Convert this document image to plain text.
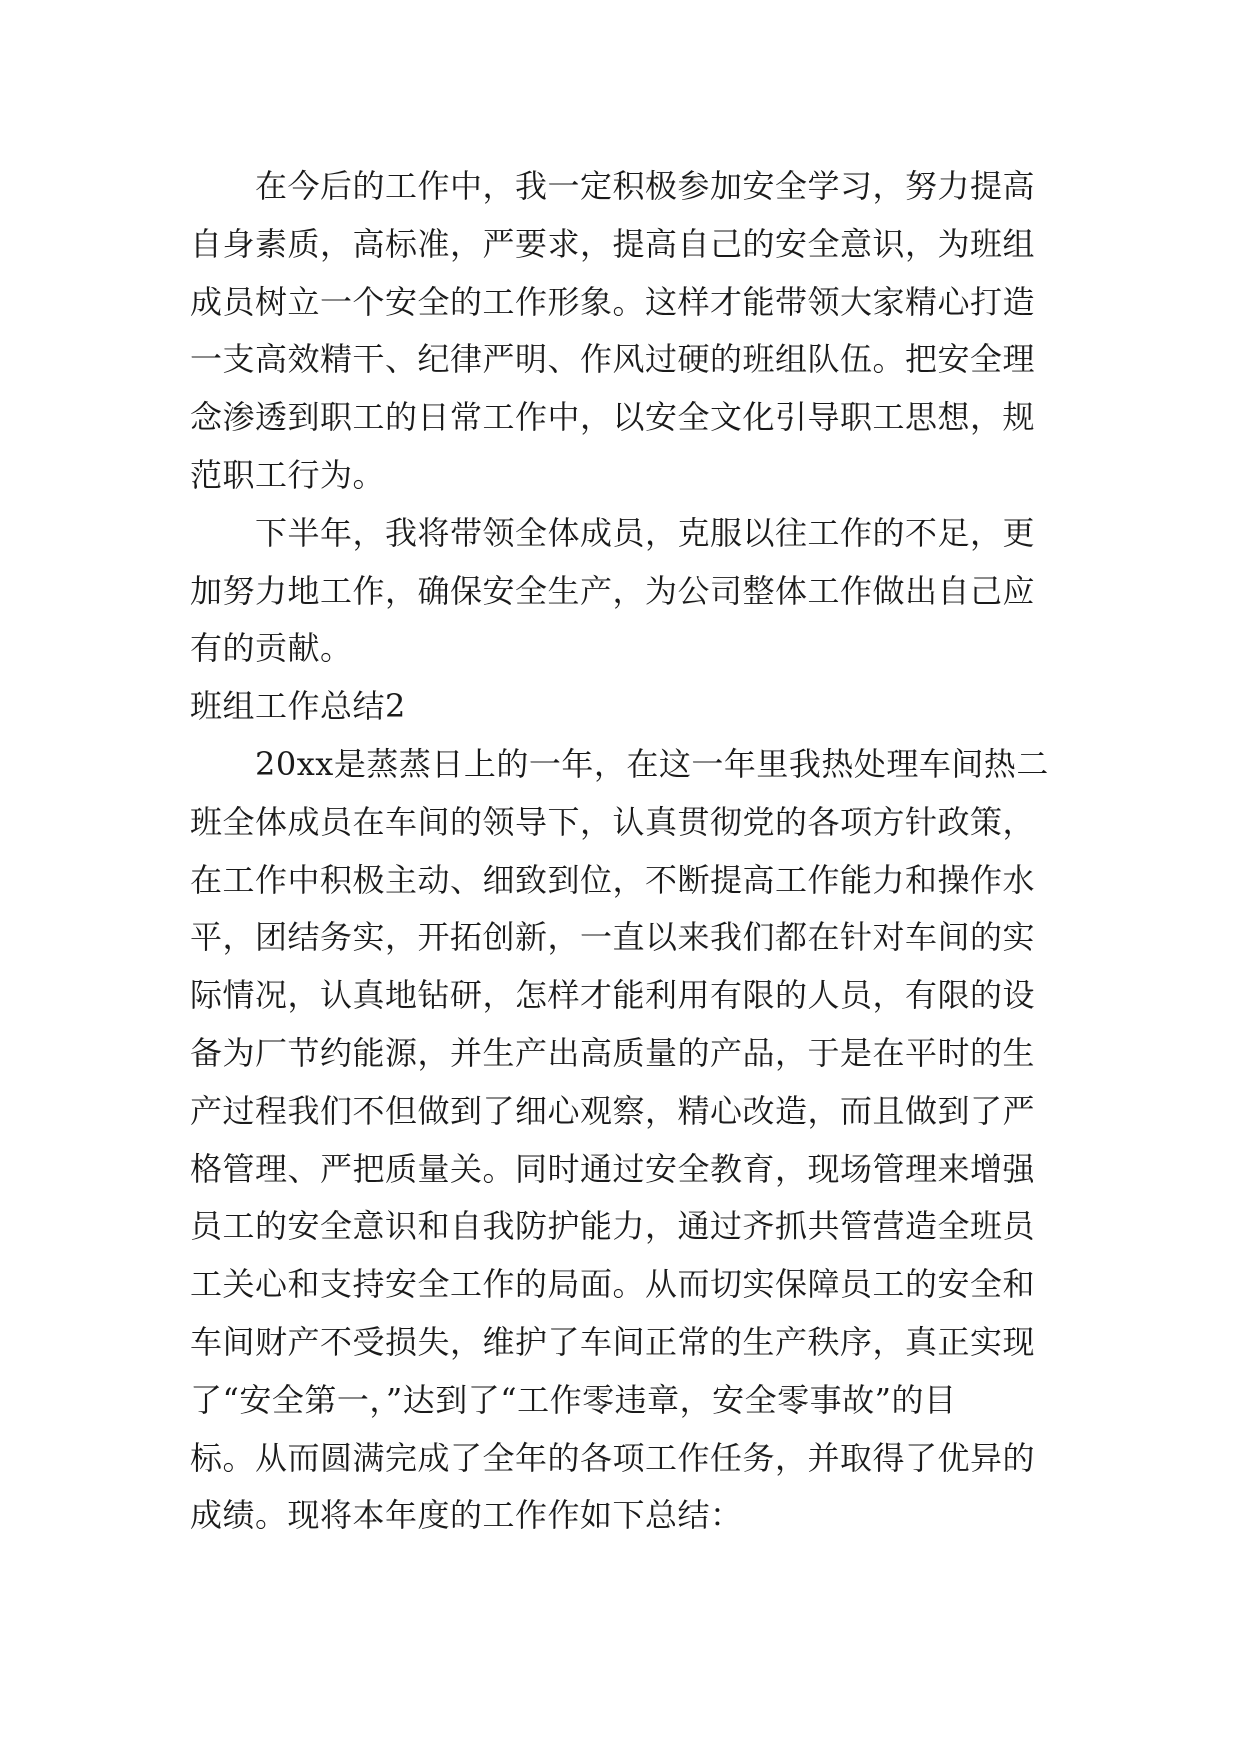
在今后的工作中，我一定积极参加安全学习，努力提高
自身素质，高标准，严要求，提高自己的安全意识，为班组
成员树立一个安全的工作形象。这样才能带领大家精心打造
一支高效精干、纪律严明、作风过硬的班组队伍。把安全理
念渗透到职工的日常工作中，以安全文化引导职工思想，规
范职工行为。
下半年，我将带领全体成员，克服以往工作的不足，更
加努力地工作，确保安全生产，为公司整体工作做出自己应
有的贡献。
班组工作总结2
20xx是蒸蒸日上的一年，在这一年里我热处理车间热二
班全体成员在车间的领导下，认真贯彻党的各项方针政策，
在工作中积极主动、细致到位，不断提高工作能力和操作水
平，团结务实，开拓创新，一直以来我们都在针对车间的实
际情况，认真地钻研，怎样才能利用有限的人员，有限的设
备为厂节约能源，并生产出高质量的产品，于是在平时的生
产过程我们不但做到了细心观察，精心改造，而且做到了严
格管理、严把质量关。同时通过安全教育，现场管理来增强
员工的安全意识和自我防护能力，通过齐抓共管营造全班员
工关心和支持安全工作的局面。从而切实保障员工的安全和
车间财产不受损失，维护了车间正常的生产秩序，真正实现
了“安全第一，”达到了“工作零违章，安全零事故”的目
标。从而圆满完成了全年的各项工作任务，并取得了优异的
成绩。现将本年度的工作作如下总结：
